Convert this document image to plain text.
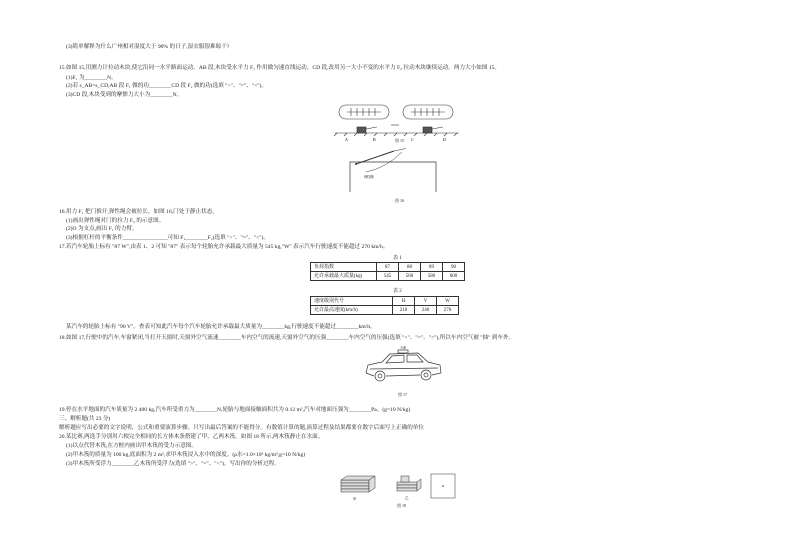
(3)简单解释为什么广州相对湿度大于 90% 的日子,湿衣服很难晾干?
15.如图 15,用测力计拉动木块,使它沿同一水平路面运动。AB 段,木块受水平力 F₁ 作用做匀速直线运动。CD 段,改用另一大小不变的水平力 F₂ 拉动木块继续运动。两力大小如图 15。
(1)F₁ 为________N。
(2)若 s_AB=s_CD,AB 段 F₁ 做的功________CD 段 F₂ 做的功(选填 ">"、"="、"<")。
(3)CD 段,木块受到的摩擦力大小为________N。
A	B	C	D
图 15
弹性绳
图 16
16.用力 F₁ 把门推开,弹性绳会被拉长。如图 16,门处于静止状态。
(1)画出弹性绳对门的拉力 F₂ 的示意图。
(2)O 为支点,画出 F₁ 的力臂。
(3)根据杠杆的平衡条件________________可知 F₁________F₂(选填 ">"、"="、"<")。
17.若汽车轮胎上标有 "87 W",由表 1、2 可知 "87" 表示每个轮胎允许承载最大质量为 545 kg,"W" 表示汽车行驶速度不能超过 270 km/h。
表 1
负荷指数	87	88	89	90
允许承载最大质量(kg)	545	560	580	600
表 2
速度级别代号	H	V	W
允许最高速度(km/h)	210	240	270
某汽车的轮胎上标有 "90 V"。查表可知此汽车每个汽车轮胎允许承载最大质量为________kg,行驶速度不能超过________km/h。
18.如图 17,行驶中的汽车,车窗紧闭,当打开天窗时,天窗外空气流速________车内空气的流速,天窗外空气的压强________车内空气的压强(选填 ">"、"="、"<"),所以车内空气被 "抽" 到车外。
天窗
图 17
19.停在水平地面的汽车质量为 2 400 kg,汽车所受重力为________N,轮胎与地面接触面积共为 0.12 m²,汽车对地面压强为________Pa。(g=10 N/kg)
三、解析题(共 23 分)
解析题应写出必要的文字说明、公式和重要演算步骤。只写出最后答案的不能得分。有数值计算的题,演算过程及结果都要在数字后面写上正确的单位
20.某比赛,两选手分别用六根完全相同的长方体木条搭建了甲、乙两木筏。如图 18 所示,两木筏静止在水面。
(1)以点代替木筏,在方框内画出甲木筏的受力示意图。
(2)甲木筏的质量为 100 kg,底面积为 2 m²,求甲木筏浸入水中的深度。(ρ水=1.0×10³ kg/m³,g=10 N/kg)
(3)甲木筏所受浮力________乙木筏所受浮力(选填 ">"、"="、"<")。写出你的分析过程。
甲	乙
图 18
